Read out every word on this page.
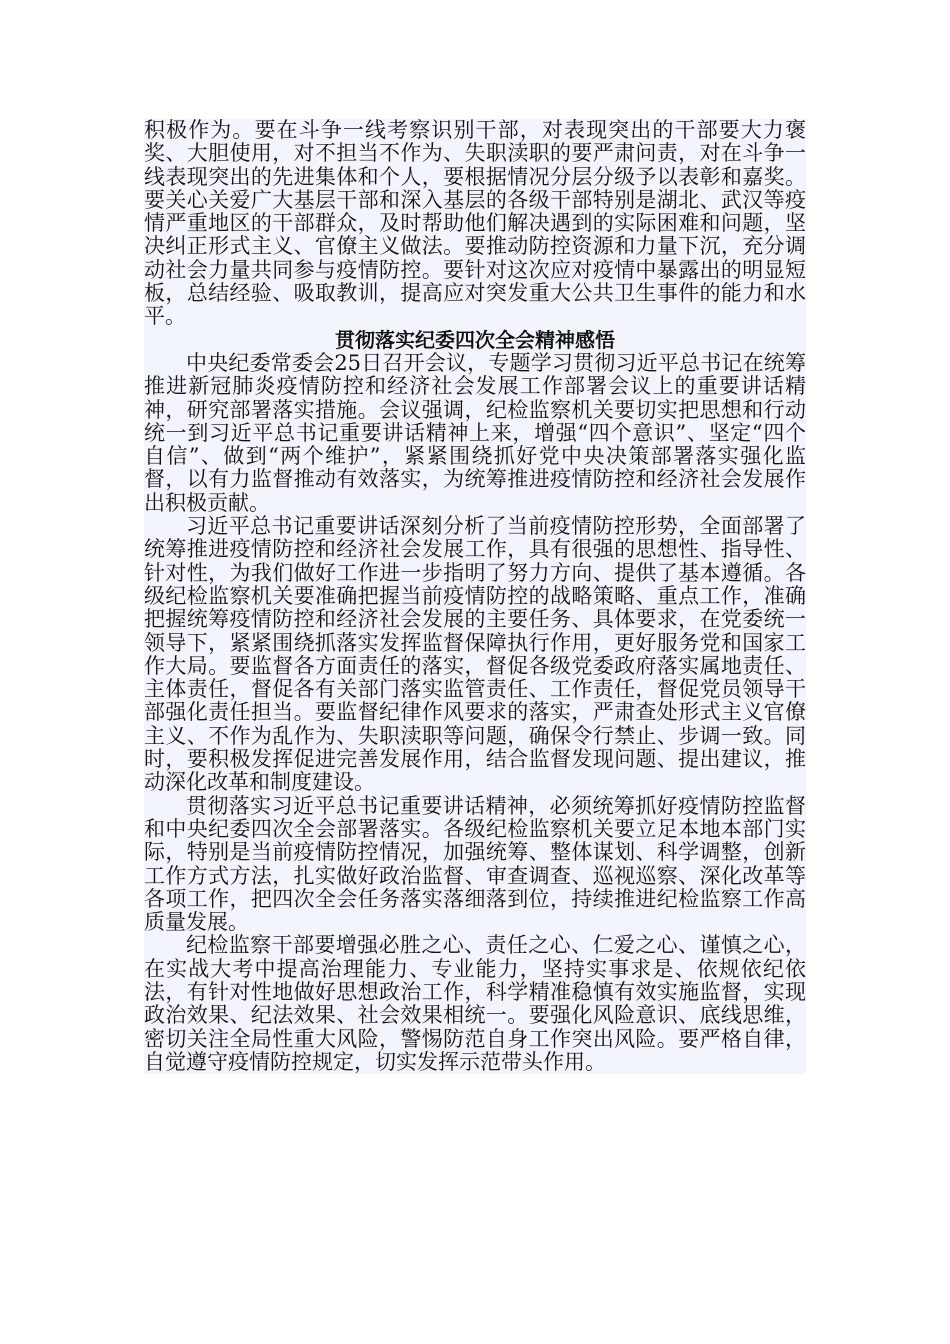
积极作为。要在斗争一线考察识别干部，对表现突出的干部要大力褒奖、大胆使用，对不担当不作为、失职渎职的要严肃问责，对在斗争一线表现突出的先进集体和个人，要根据情况分层分级予以表彰和嘉奖。要关心关爱广大基层干部和深入基层的各级干部特别是湖北、武汉等疫情严重地区的干部群众，及时帮助他们解决遇到的实际困难和问题，坚决纠正形式主义、官僚主义做法。要推动防控资源和力量下沉，充分调动社会力量共同参与疫情防控。要针对这次应对疫情中暴露出的明显短板，总结经验、吸取教训，提高应对突发重大公共卫生事件的能力和水平。

贯彻落实纪委四次全会精神感悟

中央纪委常委会25日召开会议，专题学习贯彻习近平总书记在统筹推进新冠肺炎疫情防控和经济社会发展工作部署会议上的重要讲话精神，研究部署落实措施。会议强调，纪检监察机关要切实把思想和行动统一到习近平总书记重要讲话精神上来，增强“四个意识”、坚定“四个自信”、做到“两个维护”，紧紧围绕抓好党中央决策部署落实强化监督，以有力监督推动有效落实，为统筹推进疫情防控和经济社会发展作出积极贡献。

习近平总书记重要讲话深刻分析了当前疫情防控形势，全面部署了统筹推进疫情防控和经济社会发展工作，具有很强的思想性、指导性、针对性，为我们做好工作进一步指明了努力方向、提供了基本遵循。各级纪检监察机关要准确把握当前疫情防控的战略策略、重点工作，准确把握统筹疫情防控和经济社会发展的主要任务、具体要求，在党委统一领导下，紧紧围绕抓落实发挥监督保障执行作用，更好服务党和国家工作大局。要监督各方面责任的落实，督促各级党委政府落实属地责任、主体责任，督促各有关部门落实监管责任、工作责任，督促党员领导干部强化责任担当。要监督纪律作风要求的落实，严肃查处形式主义官僚主义、不作为乱作为、失职渎职等问题，确保令行禁止、步调一致。同时，要积极发挥促进完善发展作用，结合监督发现问题、提出建议，推动深化改革和制度建设。

贯彻落实习近平总书记重要讲话精神，必须统筹抓好疫情防控监督和中央纪委四次全会部署落实。各级纪检监察机关要立足本地本部门实际，特别是当前疫情防控情况，加强统筹、整体谋划、科学调整，创新工作方式方法，扎实做好政治监督、审查调查、巡视巡察、深化改革等各项工作，把四次全会任务落实落细落到位，持续推进纪检监察工作高质量发展。

纪检监察干部要增强必胜之心、责任之心、仁爱之心、谨慎之心，在实战大考中提高治理能力、专业能力，坚持实事求是、依规依纪依法，有针对性地做好思想政治工作，科学精准稳慎有效实施监督，实现政治效果、纪法效果、社会效果相统一。要强化风险意识、底线思维，密切关注全局性重大风险，警惕防范自身工作突出风险。要严格自律，自觉遵守疫情防控规定，切实发挥示范带头作用。
